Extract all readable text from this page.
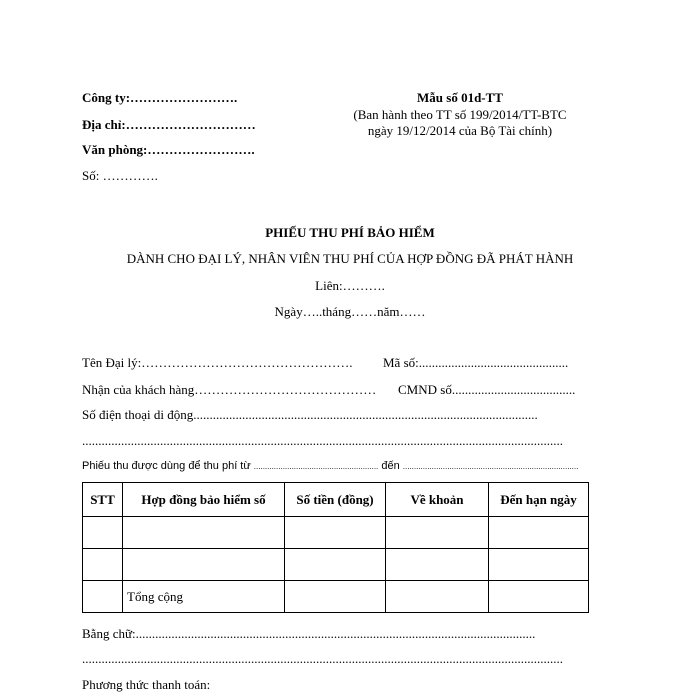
Công ty:…………………….
Địa chỉ:…………………………
Văn phòng:…………………….
Số: ………….
Mẫu số 01d-TT
(Ban hành theo TT số 199/2014/TT-BTC
ngày 19/12/2014 của Bộ Tài chính)
PHIẾU THU PHÍ BẢO HIỂM
DÀNH CHO ĐẠI LÝ, NHÂN VIÊN THU PHÍ CỦA HỢP ĐỒNG ĐÃ PHÁT HÀNH
Liên:……….
Ngày…..tháng……năm……
Tên Đại lý:…………………………………………. Mã số:..............................................
Nhận của khách hàng…………………………………… CMND số......................................
Số điện thoại di động..........................................................................................................
....................................................................................................................................................
Phiếu thu được dùng để thu phí từ ........................................................ đến ...............................................................................
STT	Hợp đồng bảo hiểm số	Số tiền (đồng)	Về khoản	Đến hạn ngày

	Tổng cộng			
Bằng chữ:...........................................................................................................................
....................................................................................................................................................
Phương thức thanh toán:
